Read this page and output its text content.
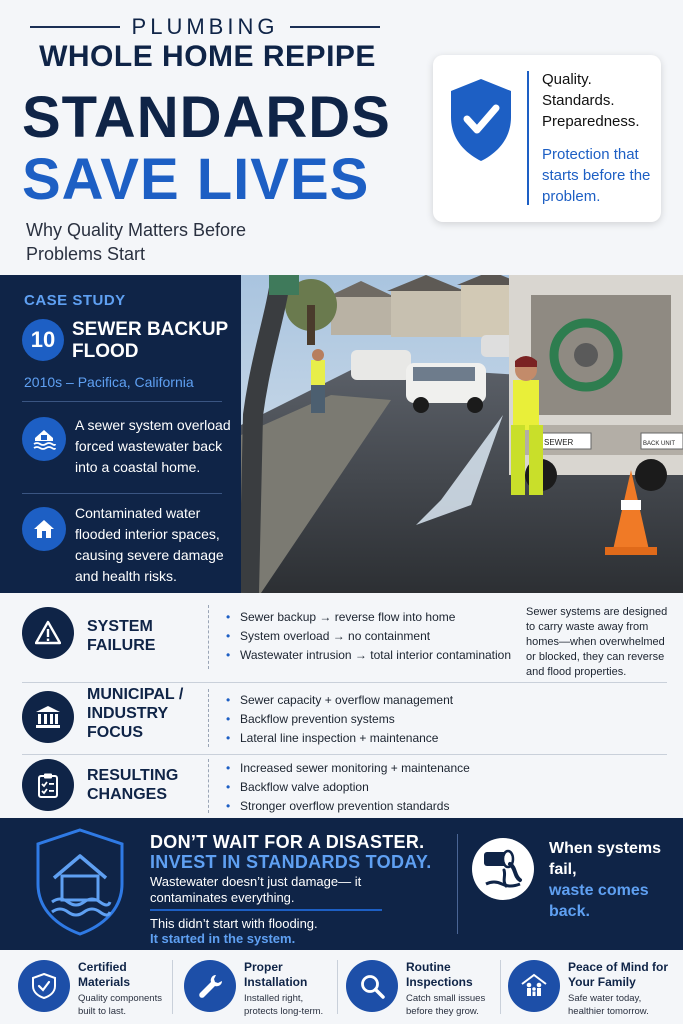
PLUMBING
WHOLE HOME REPIPE
STANDARDS
SAVE LIVES
Why Quality Matters Before Problems Start
Quality.
Standards.
Preparedness.
Protection that starts before the problem.
CASE STUDY
10 SEWER BACKUP FLOOD
2010s – Pacifica, California
A sewer system overload forced wastewater back into a coastal home.
Contaminated water flooded interior spaces, causing severe damage and health risks.
SEWER	BACK UNIT
SYSTEM FAILURE
• Sewer backup → reverse flow into home
• System overload → no containment
• Wastewater intrusion → total interior contamination
Sewer systems are designed to carry waste away from homes—when overwhelmed or blocked, they can reverse and flood properties.
MUNICIPAL / INDUSTRY FOCUS
• Sewer capacity + overflow management
• Backflow prevention systems
• Lateral line inspection + maintenance
RESULTING CHANGES
• Increased sewer monitoring + maintenance
• Backflow valve adoption
• Stronger overflow prevention standards
DON’T WAIT FOR A DISASTER.
INVEST IN STANDARDS TODAY.
Wastewater doesn’t just damage— it contaminates everything.
This didn’t start with flooding.
It started in the system.
When systems fail,
waste comes back.
Certified Materials
Quality components built to last.
Proper Installation
Installed right, protects long-term.
Routine Inspections
Catch small issues before they grow.
Peace of Mind for Your Family
Safe water today, healthier tomorrow.
